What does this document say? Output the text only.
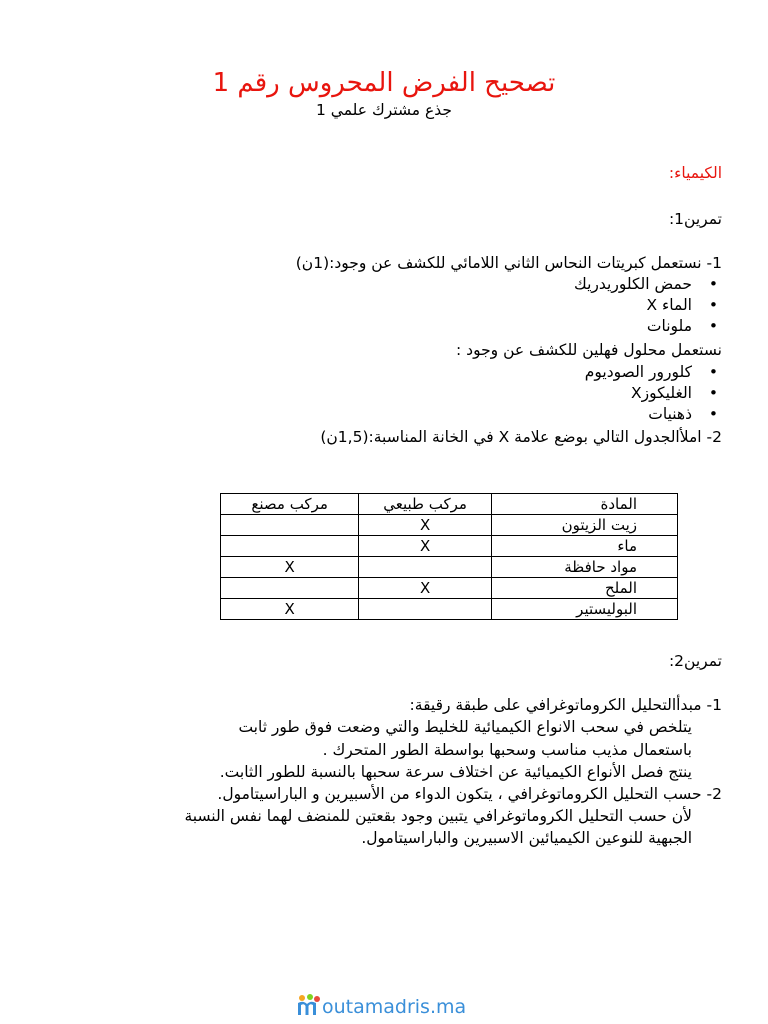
تصحيح الفرض المحروس رقم 1
جذع مشترك علمي 1
الكيمياء:
تمرين1:
1- نستعمل كبريتات النحاس الثاني اللامائي للكشف عن وجود:(1ن)
• حمض الكلوريدريك
• الماء X
• ملونات
نستعمل محلول فهلين للكشف عن وجود :
• كلورور الصوديوم
• الغليكوزX
• ذهنيات
2- املأالجدول التالي بوضع علامة X في الخانة المناسبة:(1,5ن)
المادة	مركب طبيعي	مركب مصنع
زيت الزيتون	X	
ماء	X	
مواد حافظة		X
الملح	X	
البوليستير		X
تمرين2:
1- مبدأالتحليل الكروماتوغرافي على طبقة رقيقة:
يتلخص في سحب الانواع الكيميائية للخليط والتي وضعت فوق طور ثابت
باستعمال مذيب مناسب وسحبها بواسطة الطور المتحرك .
ينتج فصل الأنواع الكيميائية عن اختلاف سرعة سحبها بالنسبة للطور الثابت.
2- حسب التحليل الكروماتوغرافي ، يتكون الدواء من الأسبيرين و الباراسيتامول.
لأن حسب التحليل الكروماتوغرافي يتبين وجود بقعتين للمنضف لهما نفس النسبة
الجبهية للنوعين الكيميائين الاسبيرين والباراسيتامول.
outamadris.ma
